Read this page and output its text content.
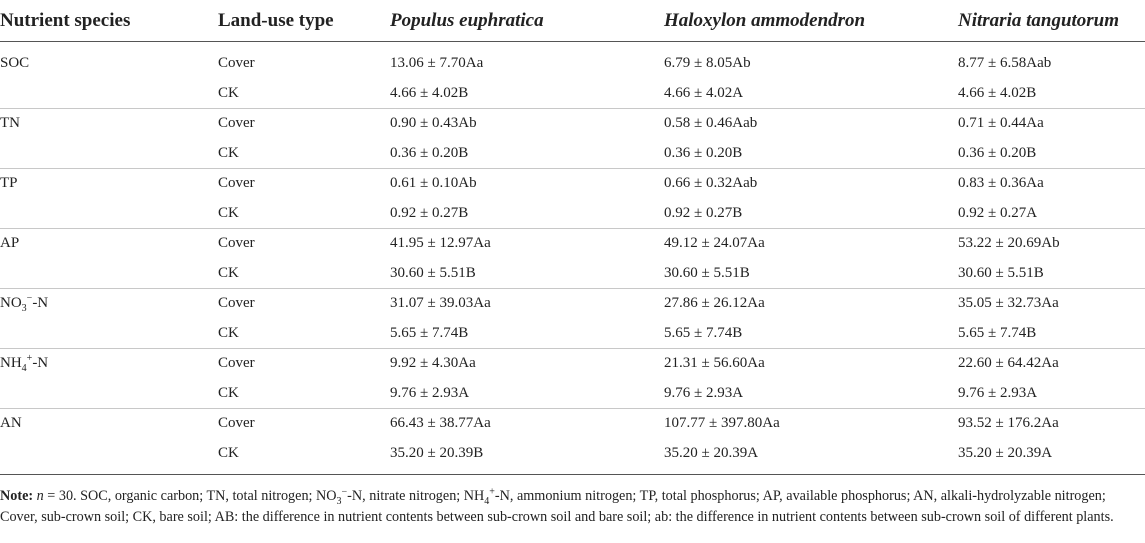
Nutrient species	Land-use type	Populus euphratica	Haloxylon ammodendron	Nitraria tangutorum
SOC	Cover	13.06 ± 7.70Aa	6.79 ± 8.05Ab	8.77 ± 6.58Aab
	CK	4.66 ± 4.02B	4.66 ± 4.02A	4.66 ± 4.02B
TN	Cover	0.90 ± 0.43Ab	0.58 ± 0.46Aab	0.71 ± 0.44Aa
	CK	0.36 ± 0.20B	0.36 ± 0.20B	0.36 ± 0.20B
TP	Cover	0.61 ± 0.10Ab	0.66 ± 0.32Aab	0.83 ± 0.36Aa
	CK	0.92 ± 0.27B	0.92 ± 0.27B	0.92 ± 0.27A
AP	Cover	41.95 ± 12.97Aa	49.12 ± 24.07Aa	53.22 ± 20.69Ab
	CK	30.60 ± 5.51B	30.60 ± 5.51B	30.60 ± 5.51B
$NO_3^--N$	Cover	31.07 ± 39.03Aa	27.86 ± 26.12Aa	35.05 ± 32.73Aa
	CK	5.65 ± 7.74B	5.65 ± 7.74B	5.65 ± 7.74B
$NH_4^+-N$	Cover	9.92 ± 4.30Aa	21.31 ± 56.60Aa	22.60 ± 64.42Aa
	CK	9.76 ± 2.93A	9.76 ± 2.93A	9.76 ± 2.93A
AN	Cover	66.43 ± 38.77Aa	107.77 ± 397.80Aa	93.52 ± 176.2Aa
	CK	35.20 ± 20.39B	35.20 ± 20.39A	35.20 ± 20.39A
Note: n = 30. SOC, organic carbon; TN, total nitrogen; $NO_3^--N$, nitrate nitrogen; $NH_4^+-N$, ammonium nitrogen; TP, total phosphorus; AP, available phosphorus; AN, alkali-hydrolyzable nitrogen; Cover, sub-crown soil; CK, bare soil; AB: the difference in nutrient contents between sub-crown soil and bare soil; ab: the difference in nutrient contents between sub-crown soil of different plants.
